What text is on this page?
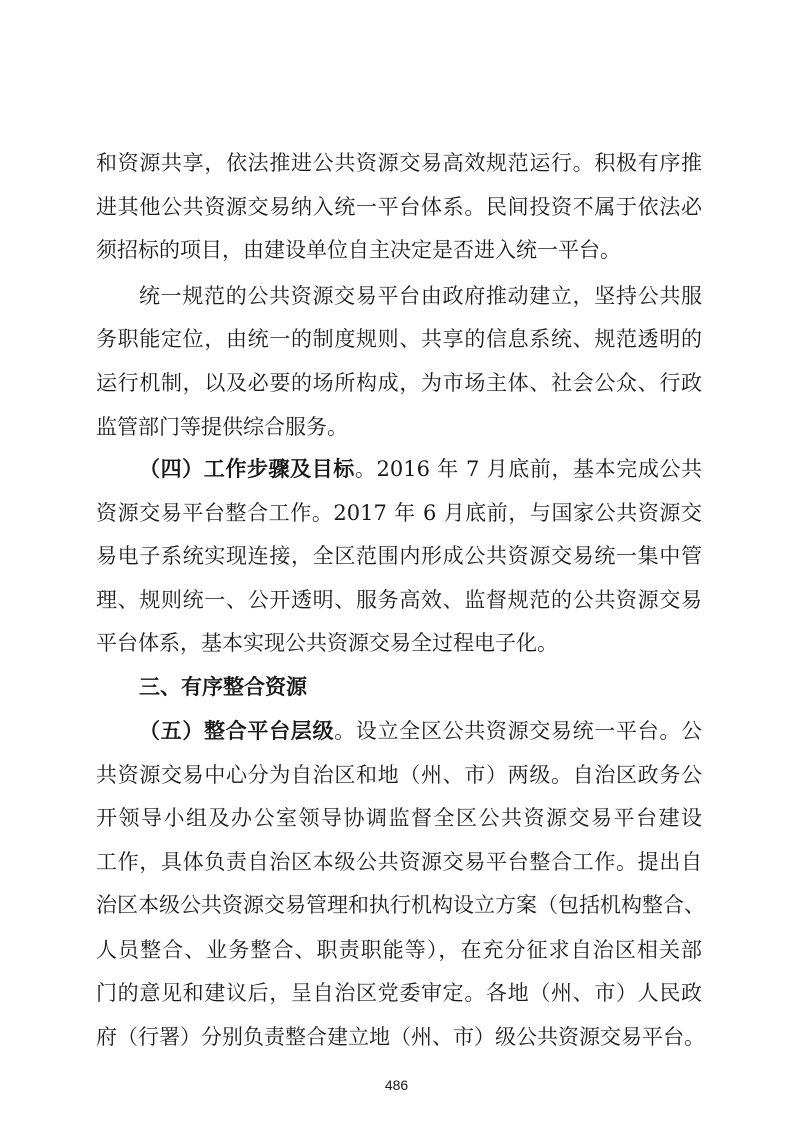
和资源共享，依法推进公共资源交易高效规范运行。积极有序推
进其他公共资源交易纳入统一平台体系。民间投资不属于依法必
须招标的项目，由建设单位自主决定是否进入统一平台。
统一规范的公共资源交易平台由政府推动建立，坚持公共服
务职能定位，由统一的制度规则、共享的信息系统、规范透明的
运行机制，以及必要的场所构成，为市场主体、社会公众、行政
监管部门等提供综合服务。
（四）工作步骤及目标。2016 年 7 月底前，基本完成公共
资源交易平台整合工作。2017 年 6 月底前，与国家公共资源交
易电子系统实现连接，全区范围内形成公共资源交易统一集中管
理、规则统一、公开透明、服务高效、监督规范的公共资源交易
平台体系，基本实现公共资源交易全过程电子化。
三、有序整合资源
（五）整合平台层级。设立全区公共资源交易统一平台。公
共资源交易中心分为自治区和地（州、市）两级。自治区政务公
开领导小组及办公室领导协调监督全区公共资源交易平台建设
工作，具体负责自治区本级公共资源交易平台整合工作。提出自
治区本级公共资源交易管理和执行机构设立方案（包括机构整合、
人员整合、业务整合、职责职能等），在充分征求自治区相关部
门的意见和建议后，呈自治区党委审定。各地（州、市）人民政
府（行署）分别负责整合建立地（州、市）级公共资源交易平台。
486
